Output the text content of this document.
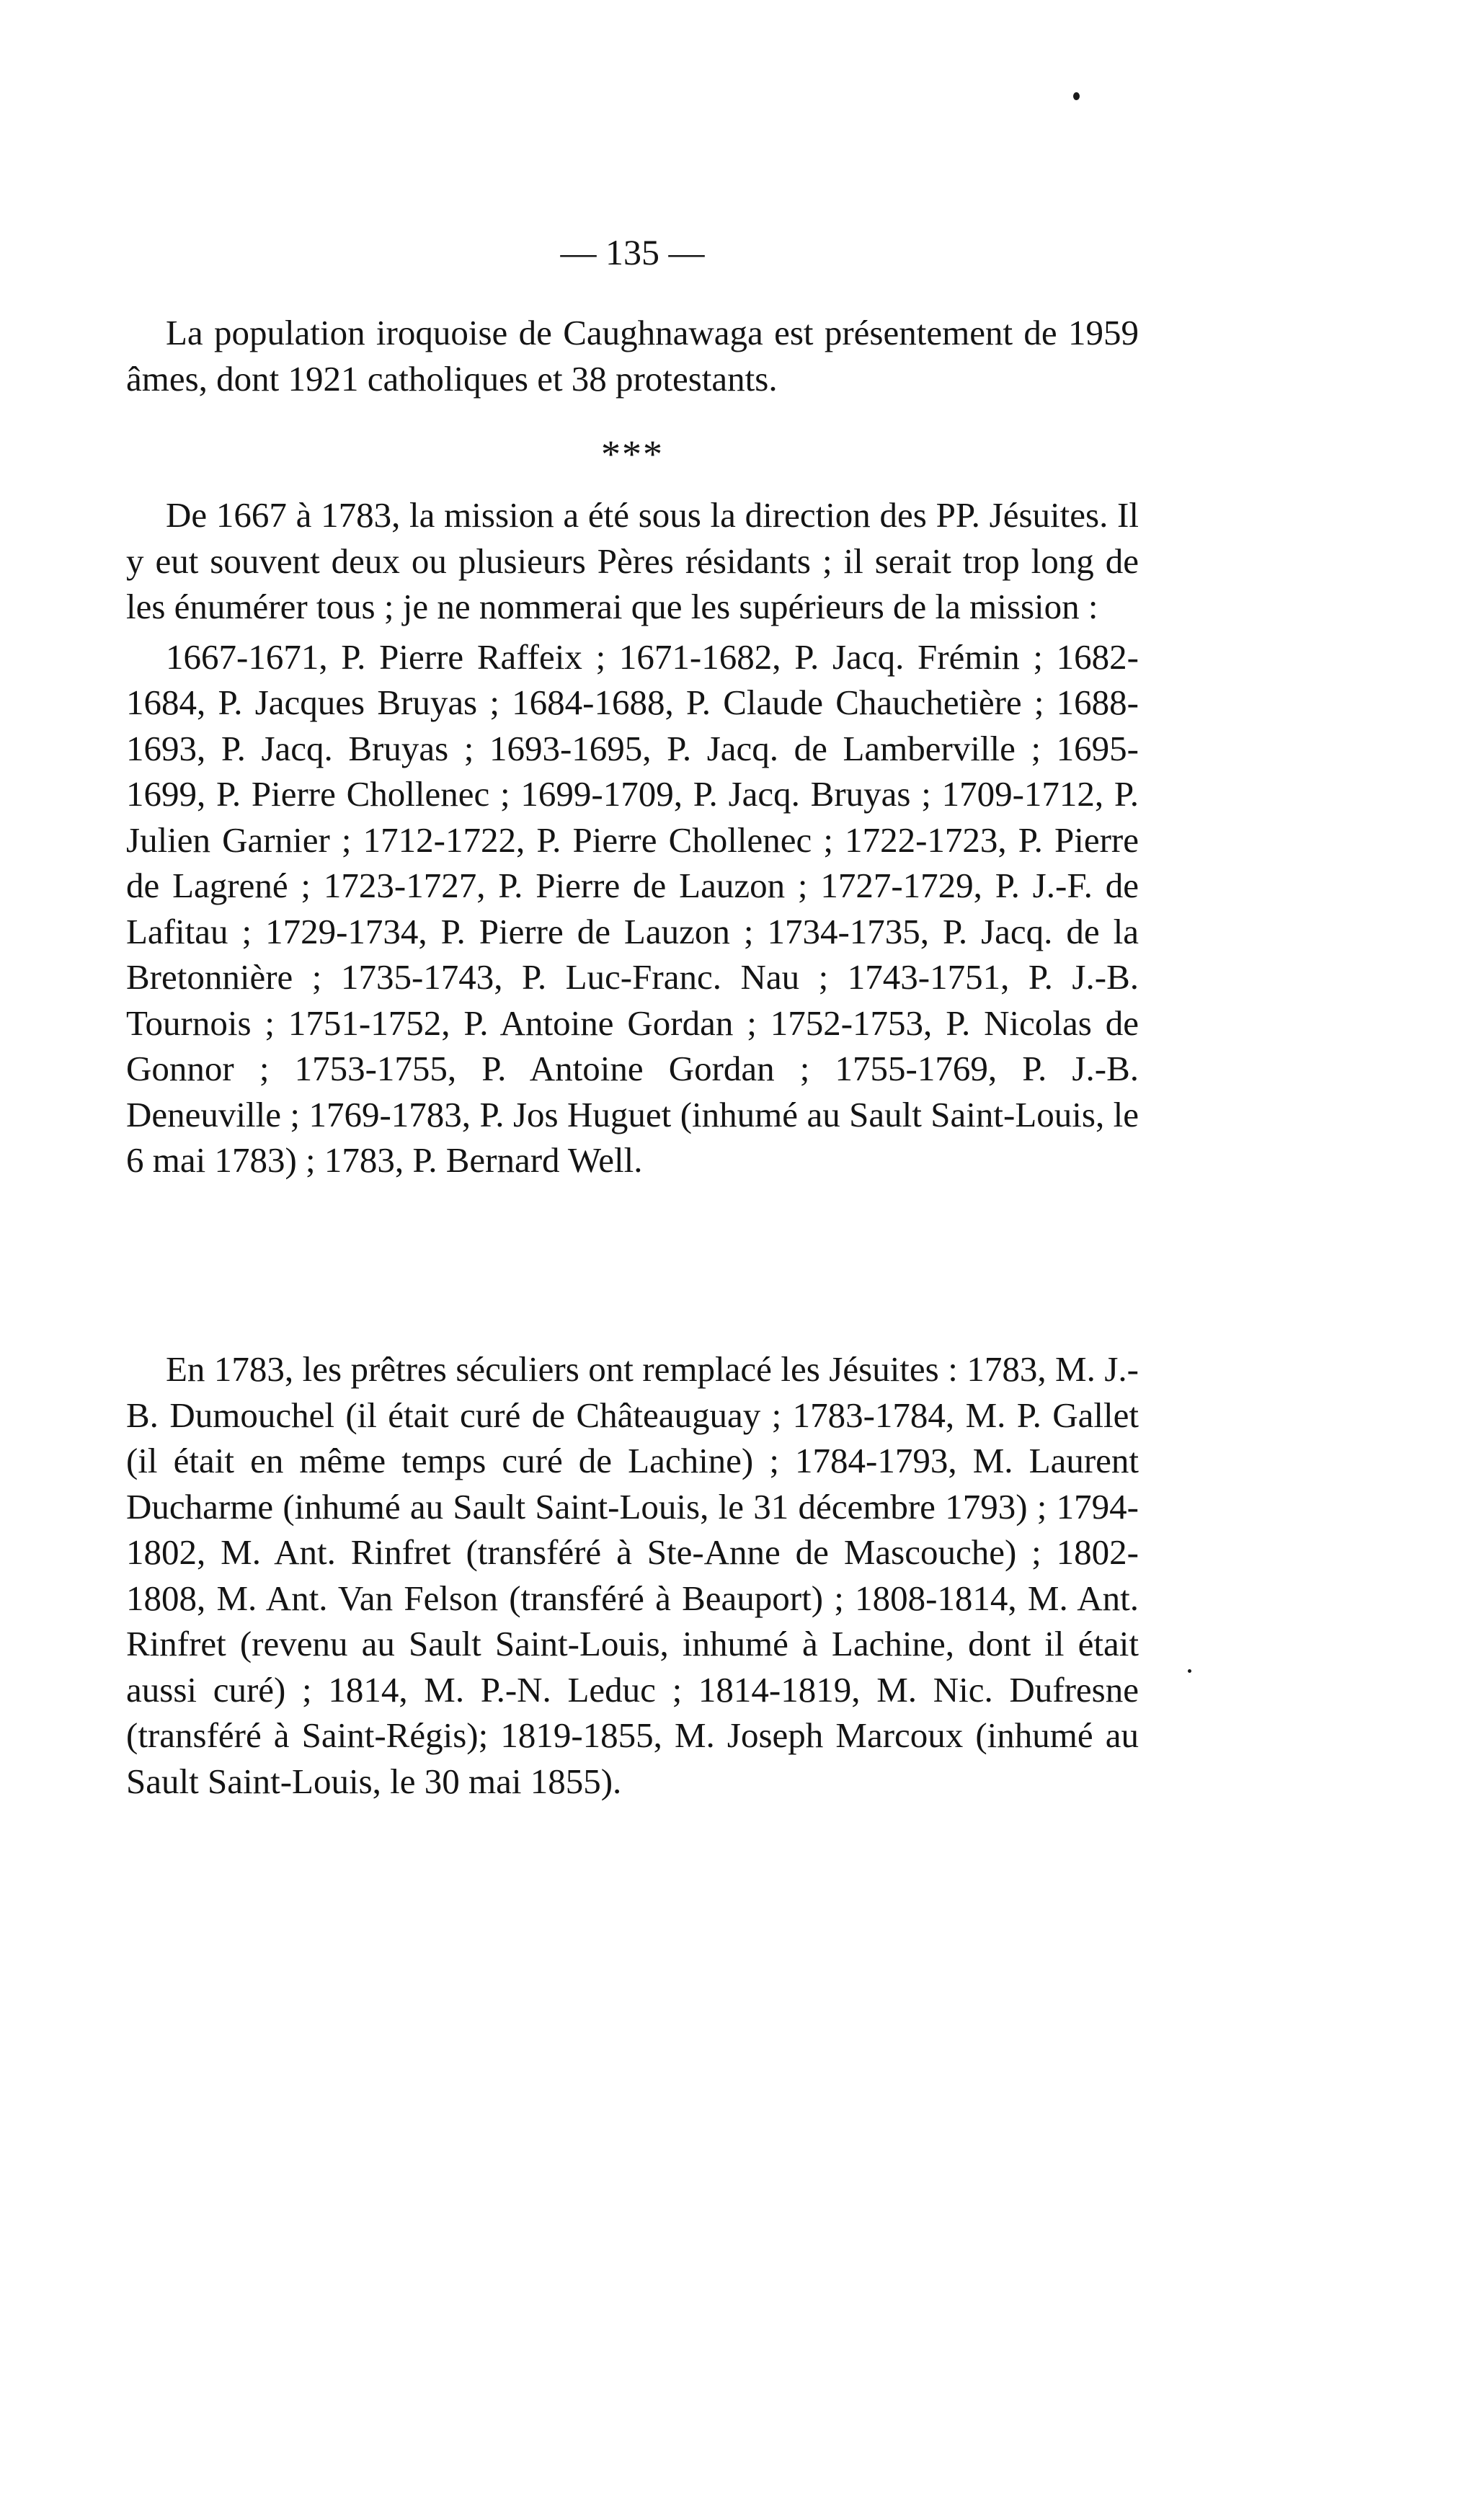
— 135 —

La population iroquoise de Caughnawaga est présentement de 1959 âmes, dont 1921 catholiques et 38 protestants.

***

De 1667 à 1783, la mission a été sous la direction des PP. Jésuites. Il y eut souvent deux ou plusieurs Pères résidants ; il serait trop long de les énumérer tous ; je ne nommerai que les supérieurs de la mission :

1667-1671, P. Pierre Raffeix ; 1671-1682, P. Jacq. Frémin ; 1682-1684, P. Jacques Bruyas ; 1684-1688, P. Claude Chauchetière ; 1688-1693, P. Jacq. Bruyas ; 1693-1695, P. Jacq. de Lamberville ; 1695-1699, P. Pierre Chollenec ; 1699-1709, P. Jacq. Bruyas ; 1709-1712, P. Julien Garnier ; 1712-1722, P. Pierre Chollenec ; 1722-1723, P. Pierre de Lagrené ; 1723-1727, P. Pierre de Lauzon ; 1727-1729, P. J.-F. de Lafitau ; 1729-1734, P. Pierre de Lauzon ; 1734-1735, P. Jacq. de la Bretonnière ; 1735-1743, P. Luc-Franc. Nau ; 1743-1751, P. J.-B. Tournois ; 1751-1752, P. Antoine Gordan ; 1752-1753, P. Nicolas de Gonnor ; 1753-1755, P. Antoine Gordan ; 1755-1769, P. J.-B. Deneuville ; 1769-1783, P. Jos Huguet (inhumé au Sault Saint-Louis, le 6 mai 1783) ; 1783, P. Bernard Well.

En 1783, les prêtres séculiers ont remplacé les Jésuites : 1783, M. J.-B. Dumouchel (il était curé de Châteauguay ; 1783-1784, M. P. Gallet (il était en même temps curé de Lachine) ; 1784-1793, M. Laurent Ducharme (inhumé au Sault Saint-Louis, le 31 décembre 1793) ; 1794-1802, M. Ant. Rinfret (transféré à Ste-Anne de Mascouche) ; 1802-1808, M. Ant. Van Felson (transféré à Beauport) ; 1808-1814, M. Ant. Rinfret (revenu au Sault Saint-Louis, inhumé à Lachine, dont il était aussi curé) ; 1814, M. P.-N. Leduc ; 1814-1819, M. Nic. Dufresne (transféré à Saint-Régis); 1819-1855, M. Joseph Marcoux (inhumé au Sault Saint-Louis, le 30 mai 1855).
